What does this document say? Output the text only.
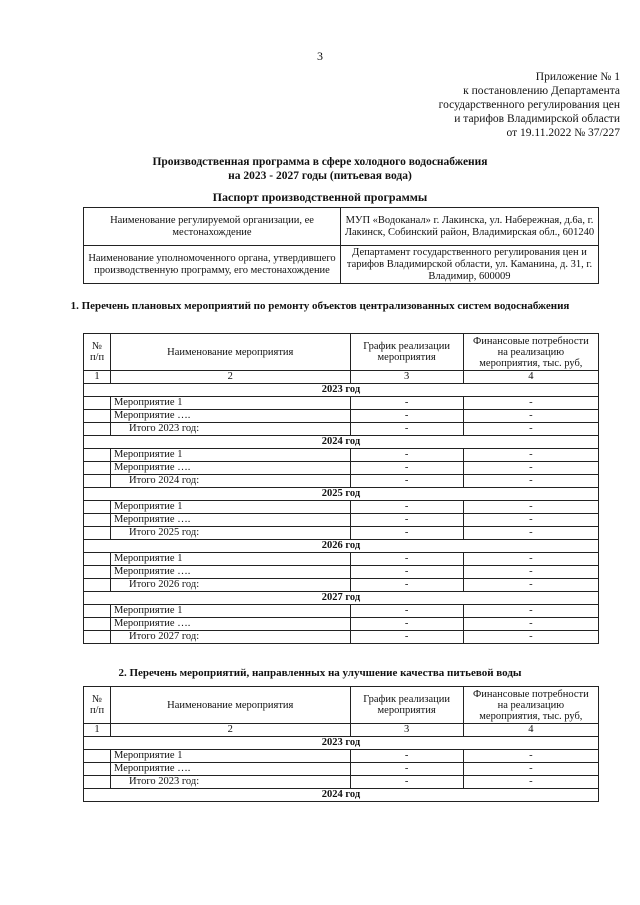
3
Приложение № 1
к постановлению Департамента
государственного регулирования цен
и тарифов Владимирской области
от 19.11.2022 № 37/227
Производственная программа в сфере холодного водоснабжения
на 2023 - 2027 годы (питьевая вода)
Паспорт производственной программы
Наименование регулируемой организации, ее местонахождение	МУП «Водоканал» г. Лакинска, ул. Набережная, д.6а, г. Лакинск, Собинский район, Владимирская обл., 601240
Наименование уполномоченного органа, утвердившего производственную программу, его местонахождение	Департамент государственного регулирования цен и тарифов Владимирской области, ул. Каманина, д. 31, г. Владимир, 600009
1. Перечень плановых мероприятий по ремонту объектов централизованных систем водоснабжения
№ п/п	Наименование мероприятия	График реализации мероприятия	Финансовые потребности на реализацию мероприятия, тыс. руб,
1	2	3	4
2023 год			
	Мероприятие 1	-	-
	Мероприятие ….	-	-
	Итого 2023 год:	-	-
2024 год			
	Мероприятие 1	-	-
	Мероприятие ….	-	-
	Итого 2024 год:	-	-
2025 год			
	Мероприятие 1	-	-
	Мероприятие ….	-	-
	Итого 2025 год:	-	-
2026 год			
	Мероприятие 1	-	-
	Мероприятие ….	-	-
	Итого 2026 год:	-	-
2027 год			
	Мероприятие 1	-	-
	Мероприятие ….	-	-
	Итого 2027 год:	-	-
2. Перечень мероприятий, направленных на улучшение качества питьевой воды
№ п/п	Наименование мероприятия	График реализации мероприятия	Финансовые потребности на реализацию мероприятия, тыс. руб,
1	2	3	4
2023 год			
	Мероприятие 1	-	-
	Мероприятие ….	-	-
	Итого 2023 год:	-	-
2024 год			
